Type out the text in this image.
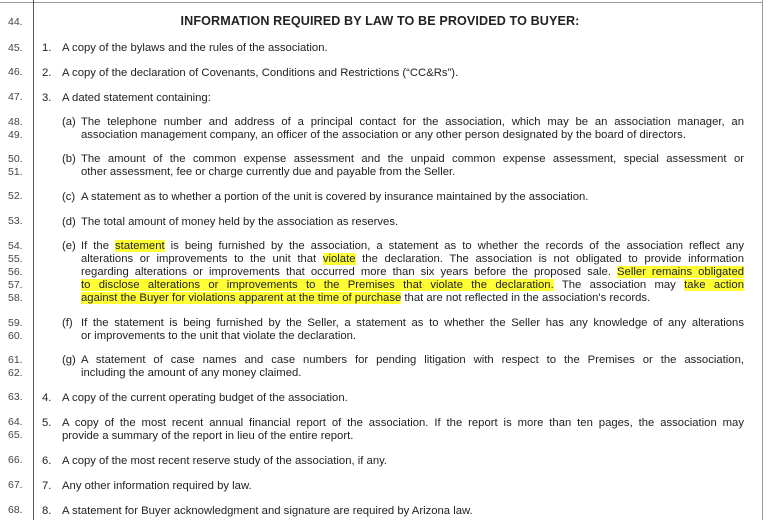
44.
45.
46.
47.
48.
49.
50.
51.
52.
53.
54.
55.
56.
57.
58.
59.
60.
61.
62.
63.
64.
65.
66.
67.
68.
INFORMATION REQUIRED BY LAW TO BE PROVIDED TO BUYER:
1. A copy of the bylaws and the rules of the association.
2. A copy of the declaration of Covenants, Conditions and Restrictions (“CC&Rs”).
3. A dated statement containing:
(a) The telephone number and address of a principal contact for the association, which may be an association manager, an
association management company, an officer of the association or any other person designated by the board of directors.
(b) The amount of the common expense assessment and the unpaid common expense assessment, special assessment or
other assessment, fee or charge currently due and payable from the Seller.
(c) A statement as to whether a portion of the unit is covered by insurance maintained by the association.
(d) The total amount of money held by the association as reserves.
(e) If the statement is being furnished by the association, a statement as to whether the records of the association reflect any
alterations or improvements to the unit that violate the declaration. The association is not obligated to provide information
regarding alterations or improvements that occurred more than six years before the proposed sale. Seller remains obligated
to disclose alterations or improvements to the Premises that violate the declaration. The association may take action
against the Buyer for violations apparent at the time of purchase that are not reflected in the association's records.
(f) If the statement is being furnished by the Seller, a statement as to whether the Seller has any knowledge of any alterations
or improvements to the unit that violate the declaration.
(g) A statement of case names and case numbers for pending litigation with respect to the Premises or the association,
including the amount of any money claimed.
4. A copy of the current operating budget of the association.
5. A copy of the most recent annual financial report of the association. If the report is more than ten pages, the association may
provide a summary of the report in lieu of the entire report.
6. A copy of the most recent reserve study of the association, if any.
7. Any other information required by law.
8. A statement for Buyer acknowledgment and signature are required by Arizona law.
